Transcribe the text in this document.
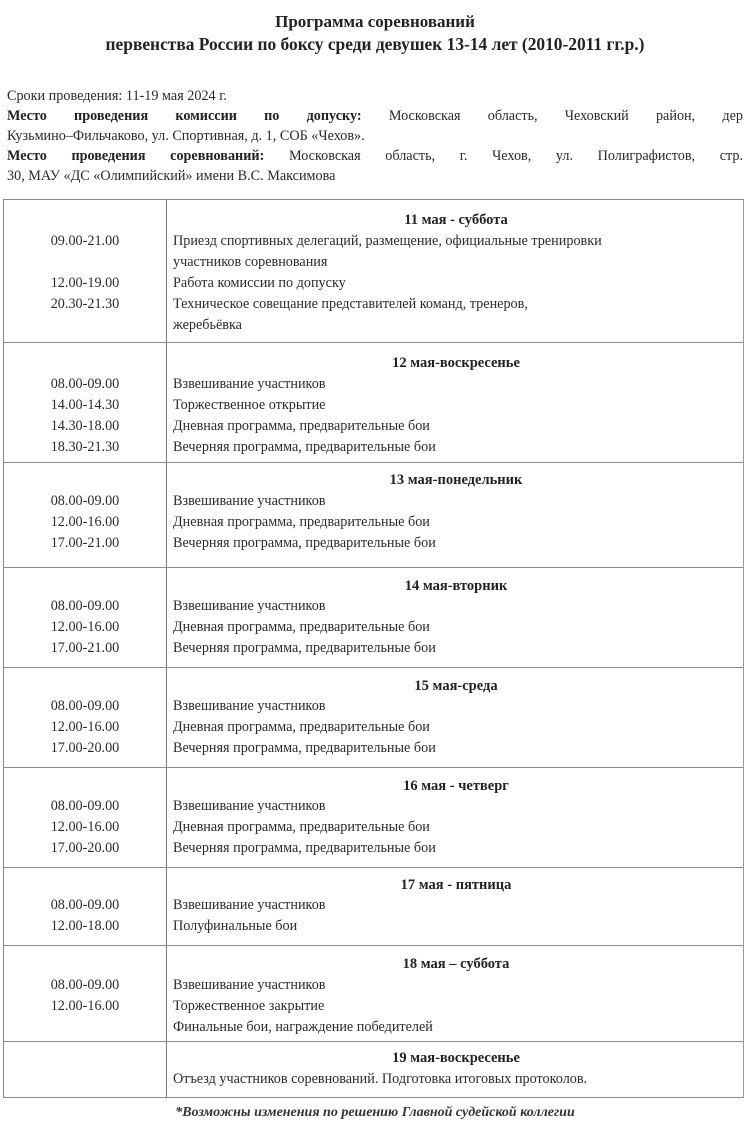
Программа соревнований
первенства России по боксу среди девушек 13-14 лет (2010-2011 гг.р.)
Сроки проведения: 11-19 мая 2024 г.
Место проведения комиссии по допуску: Московская область, Чеховский район, дер
Кузьмино–Фильчаково, ул. Спортивная, д. 1, СОБ «Чехов».
Место проведения соревнований: Московская область, г. Чехов, ул. Полиграфистов, стр.
30, МАУ «ДС «Олимпийский» имени В.С. Максимова
11 мая - суббота
09.00-21.00	Приезд спортивных делегаций, размещение, официальные тренировки
участников соревнования
12.00-19.00	Работа комиссии по допуску
20.30-21.30	Техническое совещание представителей команд, тренеров,
жеребьёвка
12 мая-воскресенье
08.00-09.00	Взвешивание участников
14.00-14.30	Торжественное открытие
14.30-18.00	Дневная программа, предварительные бои
18.30-21.30	Вечерняя программа, предварительные бои
13 мая-понедельник
08.00-09.00	Взвешивание участников
12.00-16.00	Дневная программа, предварительные бои
17.00-21.00	Вечерняя программа, предварительные бои
14 мая-вторник
08.00-09.00	Взвешивание участников
12.00-16.00	Дневная программа, предварительные бои
17.00-21.00	Вечерняя программа, предварительные бои
15 мая-среда
08.00-09.00	Взвешивание участников
12.00-16.00	Дневная программа, предварительные бои
17.00-20.00	Вечерняя программа, предварительные бои
16 мая - четверг
08.00-09.00	Взвешивание участников
12.00-16.00	Дневная программа, предварительные бои
17.00-20.00	Вечерняя программа, предварительные бои
17 мая - пятница
08.00-09.00	Взвешивание участников
12.00-18.00	Полуфинальные бои
18 мая – суббота
08.00-09.00	Взвешивание участников
12.00-16.00	Торжественное закрытие
Финальные бои, награждение победителей
19 мая-воскресенье
Отъезд участников соревнований. Подготовка итоговых протоколов.
*Возможны изменения по решению Главной судейской коллегии
